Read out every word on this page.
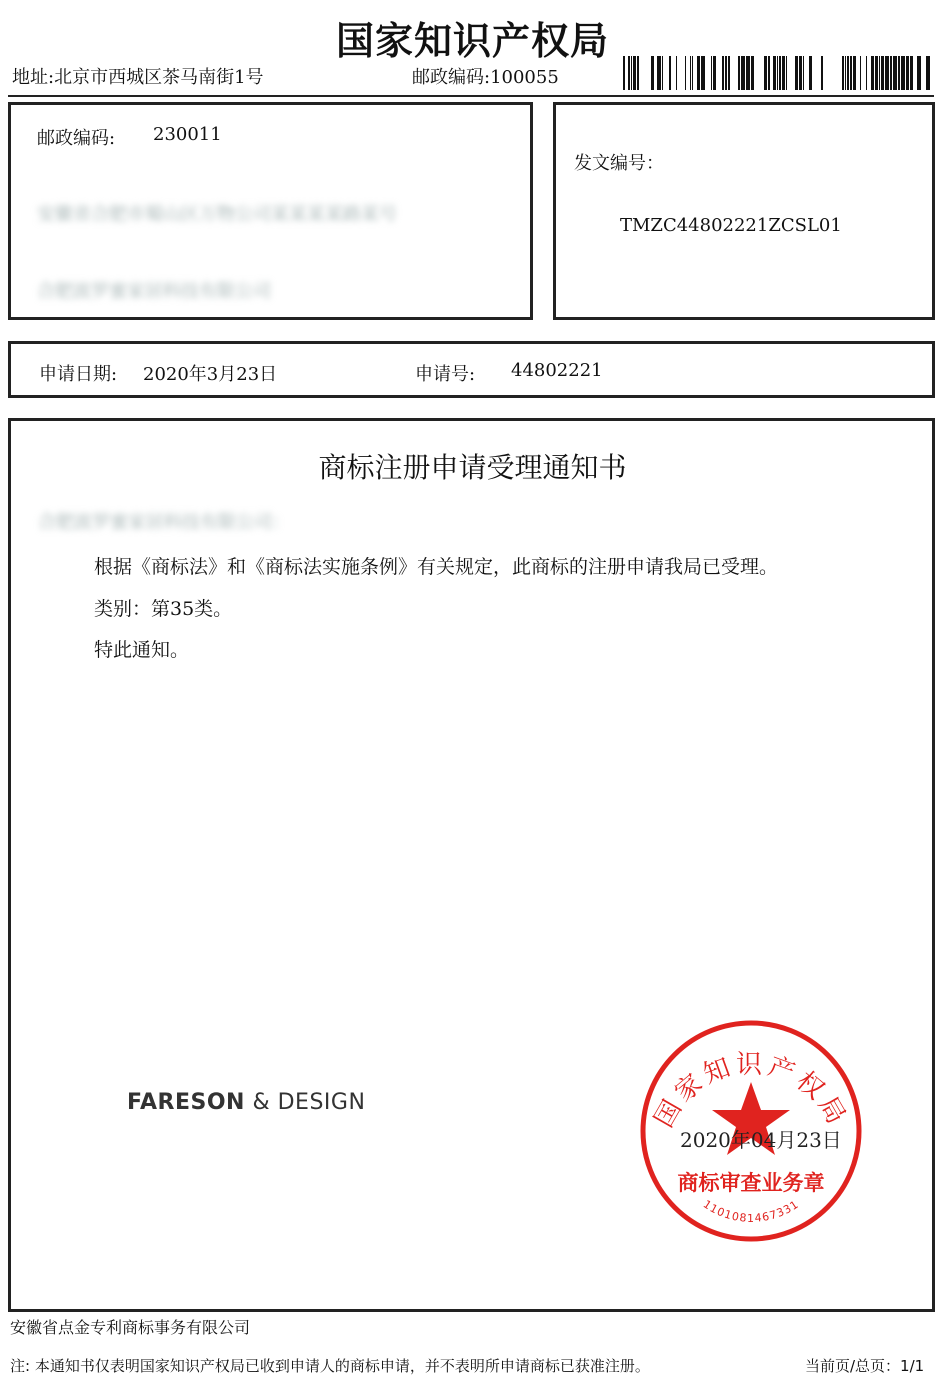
国家知识产权局
地址:北京市西城区茶马南街1号	邮政编码:100055
邮政编码: 230011
安徽省合肥市蜀山区万物公司某某某某路某号
合肥波罗蜜家居科技有限公司
发文编号：
TMZC44802221ZCSL01
申请日期: 2020年3月23日	申请号: 44802221
商标注册申请受理通知书
合肥波罗蜜家居科技有限公司：
根据《商标法》和《商标法实施条例》有关规定，此商标的注册申请我局已受理。
类别：第35类。
特此通知。
FARESON & DESIGN	国家知识产权局
商标审查业务章
1101081467331
2020年04月23日
安徽省点金专利商标事务有限公司
注: 本通知书仅表明国家知识产权局已收到申请人的商标申请，并不表明所申请商标已获准注册。	当前页/总页：1/1
